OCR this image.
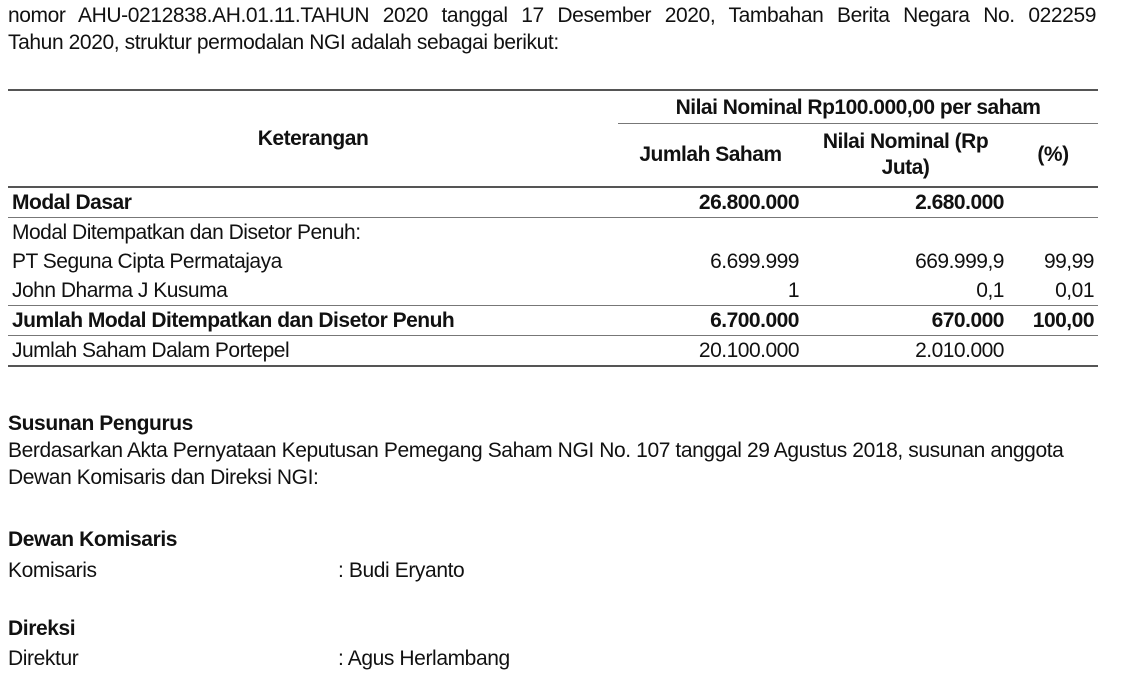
nomor AHU-0212838.AH.01.11.TAHUN 2020 tanggal 17 Desember 2020, Tambahan Berita Negara No. 022259
Tahun 2020, struktur permodalan NGI adalah sebagai berikut:
Keterangan	Nilai Nominal Rp100.000,00 per saham		
	Jumlah Saham	Nilai Nominal (Rp Juta)	(%)
Modal Dasar	26.800.000	2.680.000	
Modal Ditempatkan dan Disetor Penuh:			
PT Seguna Cipta Permatajaya	6.699.999	669.999,9	99,99
John Dharma J Kusuma	1	0,1	0,01
Jumlah Modal Ditempatkan dan Disetor Penuh	6.700.000	670.000	100,00
Jumlah Saham Dalam Portepel	20.100.000	2.010.000	
Susunan Pengurus
Berdasarkan Akta Pernyataan Keputusan Pemegang Saham NGI No. 107 tanggal 29 Agustus 2018, susunan anggota
Dewan Komisaris dan Direksi NGI:
Dewan Komisaris
Komisaris	: Budi Eryanto
Direksi
Direktur	: Agus Herlambang
